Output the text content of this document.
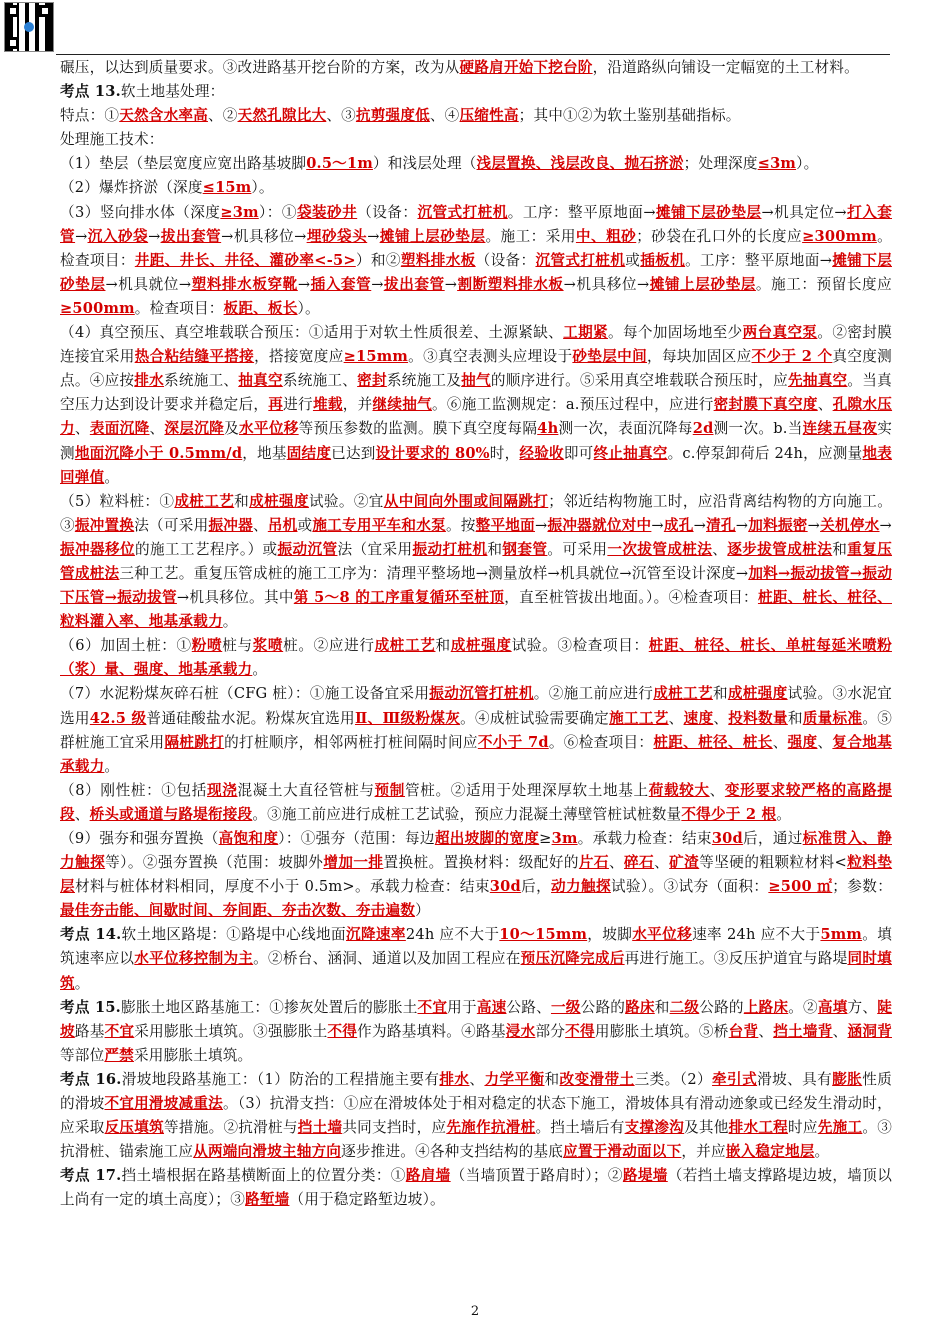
碾压，以达到质量要求。③改进路基开挖台阶的方案，改为从硬路肩开始下挖台阶，沿道路纵向铺设一定幅宽的土工材料。

考点 13.软土地基处理：

特点：①天然含水率高、②天然孔隙比大、③抗剪强度低、④压缩性高；其中①②为软土鉴别基础指标。

处理施工技术：

（1）垫层（垫层宽度应宽出路基坡脚0.5～1m）和浅层处理（浅层置换、浅层改良、抛石挤淤；处理深度≤3m）。

（2）爆炸挤淤（深度≤15m）。

（3）竖向排水体（深度≥3m）：①袋装砂井（设备：沉管式打桩机。工序：整平原地面→摊铺下层砂垫层→机具定位→打入套管→沉入砂袋→拔出套管→机具移位→埋砂袋头→摊铺上层砂垫层。施工：采用中、粗砂；砂袋在孔口外的长度应≥300mm。检查项目：井距、井长、井径、灌砂率<-5>）和②塑料排水板（设备：沉管式打桩机或插板机。工序：整平原地面→摊铺下层砂垫层→机具就位→塑料排水板穿靴→插入套管→拔出套管→割断塑料排水板→机具移位→摊铺上层砂垫层。施工：预留长度应≥500mm。检查项目：板距、板长）。

（4）真空预压、真空堆载联合预压：①适用于对软土性质很差、土源紧缺、工期紧。每个加固场地至少两台真空泵。②密封膜连接宜采用热合粘结缝平搭接，搭接宽度应≥15mm。③真空表测头应埋设于砂垫层中间，每块加固区应不少于 2 个真空度测点。④应按排水系统施工、抽真空系统施工、密封系统施工及抽气的顺序进行。⑤采用真空堆载联合预压时，应先抽真空。当真空压力达到设计要求并稳定后，再进行堆载，并继续抽气。⑥施工监测规定：a.预压过程中，应进行密封膜下真空度、孔隙水压力、表面沉降、深层沉降及水平位移等预压参数的监测。膜下真空度每隔4h测一次，表面沉降每2d测一次。b.当连续五昼夜实测地面沉降小于 0.5mm/d，地基固结度已达到设计要求的 80%时，经验收即可终止抽真空。c.停泵卸荷后 24h，应测量地表回弹值。

（5）粒料桩：①成桩工艺和成桩强度试验。②宜从中间向外围或间隔跳打；邻近结构物施工时，应沿背离结构物的方向施工。③振冲置换法（可采用振冲器、吊机或施工专用平车和水泵。按整平地面→振冲器就位对中→成孔→清孔→加料振密→关机停水→振冲器移位的施工工艺程序。）或振动沉管法（宜采用振动打桩机和钢套管。可采用一次拔管成桩法、逐步拔管成桩法和重复压管成桩法三种工艺。重复压管成桩的施工工序为：清理平整场地→测量放样→机具就位→沉管至设计深度→加料→振动拔管→振动下压管→振动拔管→机具移位。其中第 5～8 的工序重复循环至桩顶，直至桩管拔出地面。）。④检查项目：桩距、桩长、桩径、粒料灌入率、地基承载力。

（6）加固土桩：①粉喷桩与浆喷桩。②应进行成桩工艺和成桩强度试验。③检查项目：桩距、桩径、桩长、单桩每延米喷粉（浆）量、强度、地基承载力。

（7）水泥粉煤灰碎石桩（CFG 桩）：①施工设备宜采用振动沉管打桩机。②施工前应进行成桩工艺和成桩强度试验。③水泥宜选用42.5 级普通硅酸盐水泥。粉煤灰宜选用Ⅱ、Ⅲ级粉煤灰。④成桩试验需要确定施工工艺、速度、投料数量和质量标准。⑤群桩施工宜采用隔桩跳打的打桩顺序，相邻两桩打桩间隔时间应不小于 7d。⑥检查项目：桩距、桩径、桩长、强度、复合地基承载力。

（8）刚性桩：①包括现浇混凝土大直径管桩与预制管桩。②适用于处理深厚软土地基上荷载较大、变形要求较严格的高路提段、桥头或通道与路堤衔接段。③施工前应进行成桩工艺试验，预应力混凝土薄壁管桩试桩数量不得少于 2 根。

（9）强夯和强夯置换（高饱和度）：①强夯（范围：每边超出坡脚的宽度≥3m。承载力检查：结束30d后，通过标准贯入、静力触探等）。②强夯置换（范围：坡脚外增加一排置换桩。置换材料：级配好的片石、碎石、矿渣等坚硬的粗颗粒材料<粒料垫层材料与桩体材料相同，厚度不小于 0.5m>。承载力检查：结束30d后，动力触探试验）。③试夯（面积：≥500 ㎡；参数：最佳夯击能、间歇时间、夯间距、夯击次数、夯击遍数）

考点 14.软土地区路堤：①路堤中心线地面沉降速率24h 应不大于10～15mm，坡脚水平位移速率 24h 应不大于5mm。填筑速率应以水平位移控制为主。②桥台、涵洞、通道以及加固工程应在预压沉降完成后再进行施工。③反压护道宜与路堤同时填筑。

考点 15.膨胀土地区路基施工：①掺灰处置后的膨胀土不宜用于高速公路、一级公路的路床和二级公路的上路床。②高填方、陡坡路基不宜采用膨胀土填筑。③强膨胀土不得作为路基填料。④路基浸水部分不得用膨胀土填筑。⑤桥台背、挡土墙背、涵洞背等部位严禁采用膨胀土填筑。

考点 16.滑坡地段路基施工：（1）防治的工程措施主要有排水、力学平衡和改变滑带土三类。（2）牵引式滑坡、具有膨胀性质的滑坡不宜用滑坡减重法。（3）抗滑支挡：①应在滑坡体处于相对稳定的状态下施工，滑坡体具有滑动迹象或已经发生滑动时，应采取反压填筑等措施。②抗滑桩与挡土墙共同支挡时，应先施作抗滑桩。挡土墙后有支撑渗沟及其他排水工程时应先施工。③抗滑桩、锚索施工应从两端向滑坡主轴方向逐步推进。④各种支挡结构的基底应置于滑动面以下，并应嵌入稳定地层。

考点 17.挡土墙根据在路基横断面上的位置分类：①路肩墙（当墙顶置于路肩时）；②路堤墙（若挡土墙支撑路堤边坡，墙顶以上尚有一定的填土高度）；③路堑墙（用于稳定路堑边坡）。

2
